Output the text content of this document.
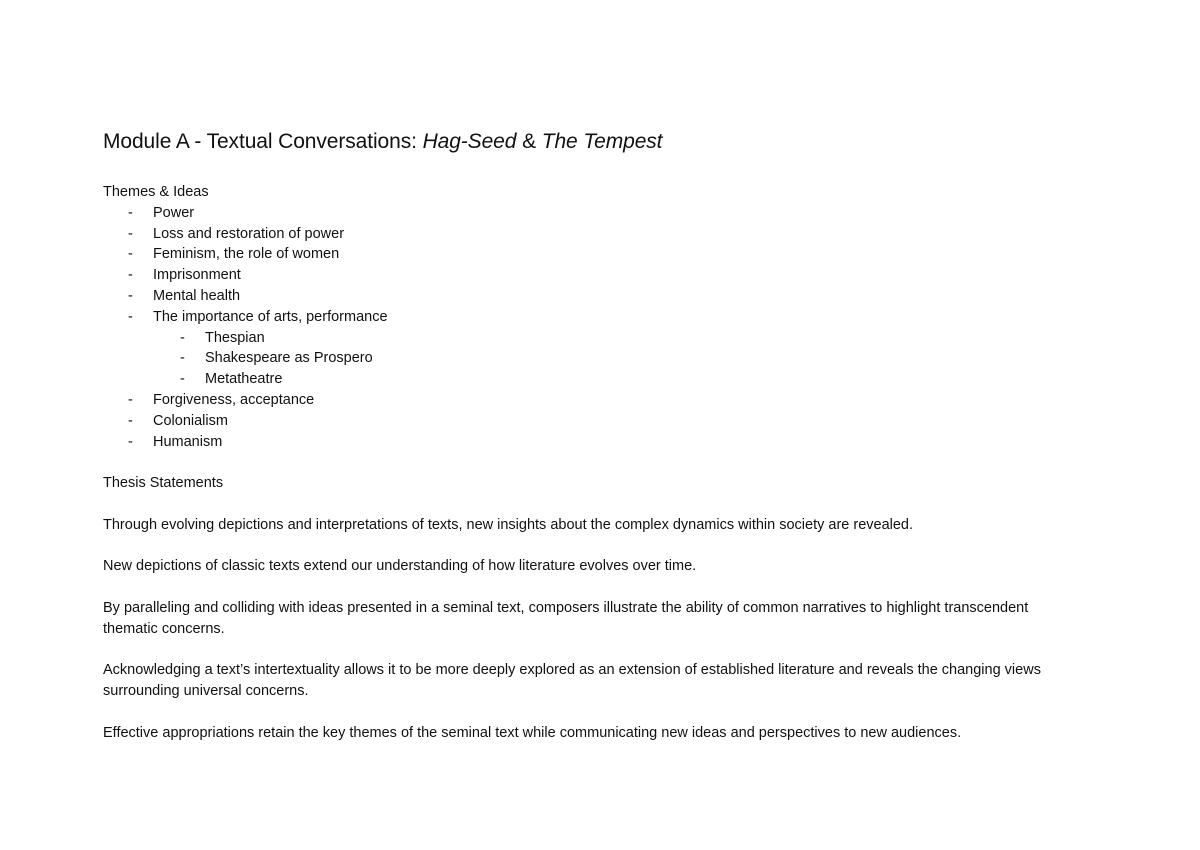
Module A - Textual Conversations: Hag-Seed & The Tempest

Themes & Ideas

- Power
- Loss and restoration of power
- Feminism, the role of women
- Imprisonment
- Mental health
- The importance of arts, performance
- Thespian
- Shakespeare as Prospero
- Metatheatre
- Forgiveness, acceptance
- Colonialism
- Humanism

Thesis Statements

Through evolving depictions and interpretations of texts, new insights about the complex dynamics within society are revealed.

New depictions of classic texts extend our understanding of how literature evolves over time.

By paralleling and colliding with ideas presented in a seminal text, composers illustrate the ability of common narratives to highlight transcendent thematic concerns.

Acknowledging a text’s intertextuality allows it to be more deeply explored as an extension of established literature and reveals the changing views surrounding universal concerns.

Effective appropriations retain the key themes of the seminal text while communicating new ideas and perspectives to new audiences.
